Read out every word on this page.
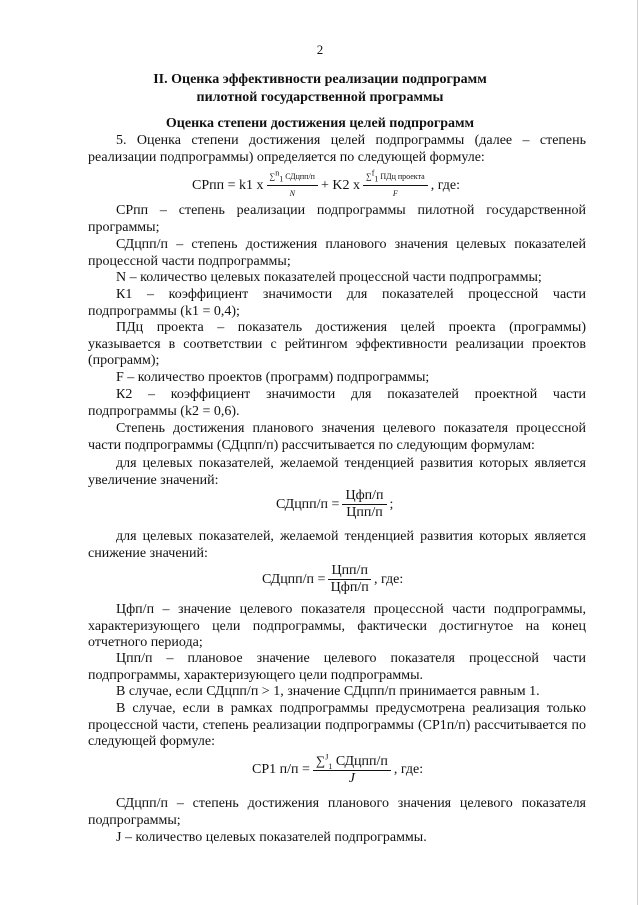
2
II. Оценка эффективности реализации подпрограмм
пилотной государственной программы
Оценка степени достижения целей подпрограмм
5. Оценка степени достижения целей подпрограммы (далее – степень реализации подпрограммы) определяется по следующей формуле:
СРпп
= k1 x $\frac{\sum^n_1 СДцпп/п}{N} + K2$ x $\frac{\sum^f_1 ПДц проекта}{F}$ , где:
СРпп – степень реализации подпрограммы пилотной государственной программы;
СДцпп/п – степень достижения планового значения целевых показателей процессной части подпрограммы;
N – количество целевых показателей процессной части подпрограммы;
К1 – коэффициент значимости для показателей процессной части подпрограммы (k1 = 0,4);
ПДц проекта – показатель достижения целей проекта (программы) указывается в соответствии с рейтингом эффективности реализации проектов (программ);
F – количество проектов (программ) подпрограммы;
К2 – коэффициент значимости для показателей проектной части подпрограммы (k2 = 0,6).
Степень достижения планового значения целевого показателя процессной части подпрограммы (СДцпп/п) рассчитывается по следующим формулам:
для целевых показателей, желаемой тенденцией развития которых является увеличение значений:
СДцпп/п = $\frac{\text{Цфп/п}}{\text{Цпп/п}}$ ;
для целевых показателей, желаемой тенденцией развития которых является снижение значений:
СДцпп/п = $\frac{\text{Цпп/п}}{\text{Цфп/п}}$ , где:
Цфп/п – значение целевого показателя процессной части подпрограммы, характеризующего цели подпрограммы, фактически достигнутое на конец отчетного периода;
Цпп/п – плановое значение целевого показателя процессной части подпрограммы, характеризующего цели подпрограммы.
В случае, если СДцпп/п > 1, значение СДцпп/п принимается равным 1.
В случае, если в рамках подпрограммы предусмотрена реализация только процессной части, степень реализации подпрограммы (СР1п/п) рассчитывается по следующей формуле:
СР1 $п/п = \frac{\sum^J_1 СДцпп/п}{J}$ , где:
СДцпп/п – степень достижения планового значения целевого показателя подпрограммы;
J – количество целевых показателей подпрограммы.
